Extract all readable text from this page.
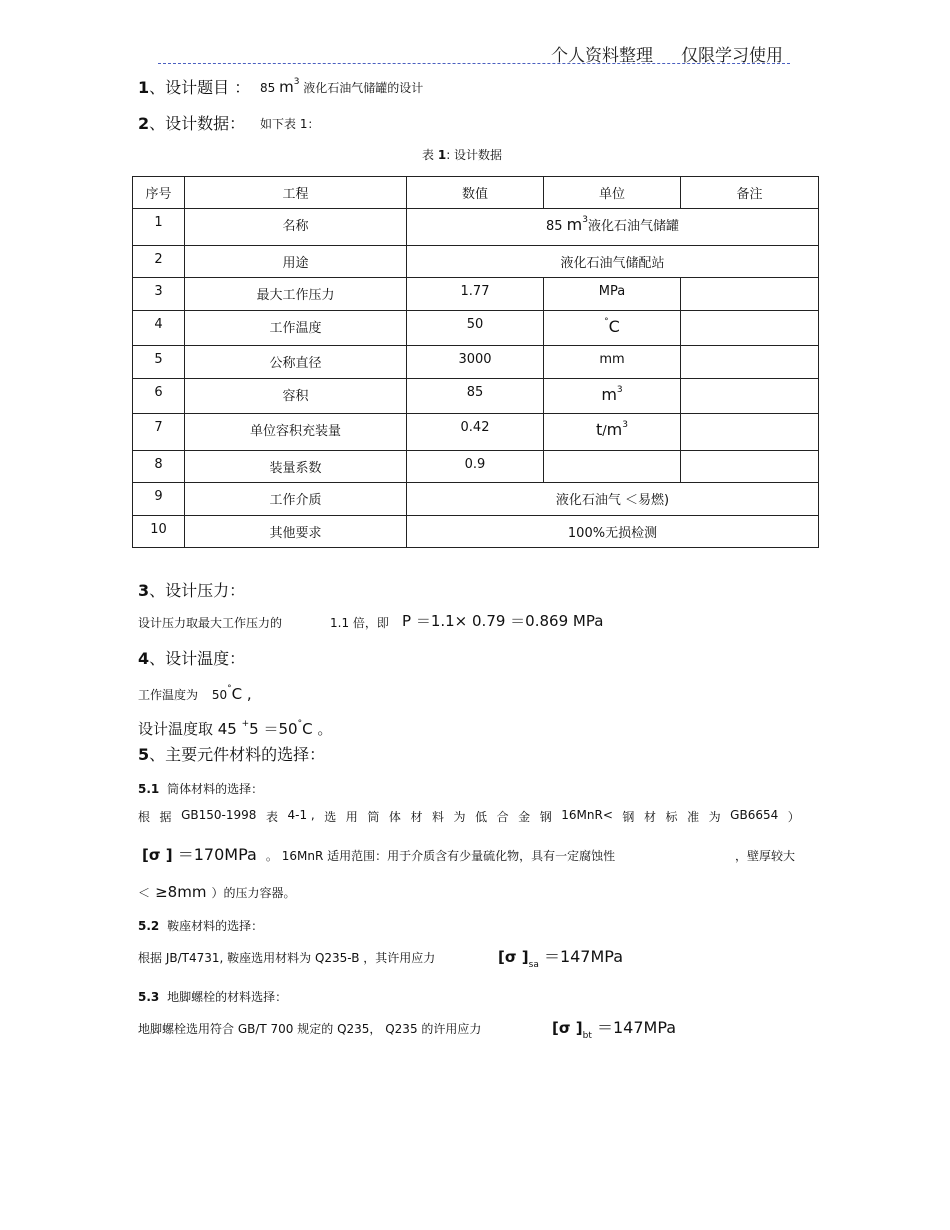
个人资料整理 仅限学习使用
1、设计题目 ： 85 $m^3$ 液化石油气储罐的设计
2、设计数据： 如下表 1：
表 1: 设计数据
序号	工程	数值	单位	备注
1	名称	85 $m^3$液化石油气储罐		
2	用途	液化石油气储配站		
3	最大工作压力	1.77	MPa	
4	工作温度	50	°C	
5	公称直径	3000	mm	
6	容积	85	$m^3$	
7	单位容积充装量	0.42	$t/m^3$	
8	装量系数	0.9		
9	工作介质	液化石油气 ＜易燃)		
10	其他要求	100%无损检测		
3、设计压力：
设计压力取最大工作压力的	1.1 倍，即 P ＝1.1× 0.79 ＝0.869 MPa
4、设计温度：
工作温度为 50°C ,
设计温度取 45 +5 ＝50°C 。
5、主要元件材料的选择：
5.1 筒体材料的选择：
根 据 GB150-1998 表 4-1 , 选 用 筒 体 材 料 为 低 合 金 钢 16MnR< 钢 材 标 准 为 GB6654 ）
[σ ] ＝170MPa 。 16MnR 适用范围：用于介质含有少量硫化物，具有一定腐蚀性	，壁厚较大
＜ ≥8mm ）的压力容器。
5.2 鞍座材料的选择：
根据 JB/T4731, 鞍座选用材料为 Q235-B ，其许用应力	[σ ]$_{sa} =147MPa$
5.3 地脚螺栓的材料选择：
地脚螺栓选用符合 GB/T 700 规定的 Q235， Q235 的许用应力	[σ ]$_{bt} =147MPa$
